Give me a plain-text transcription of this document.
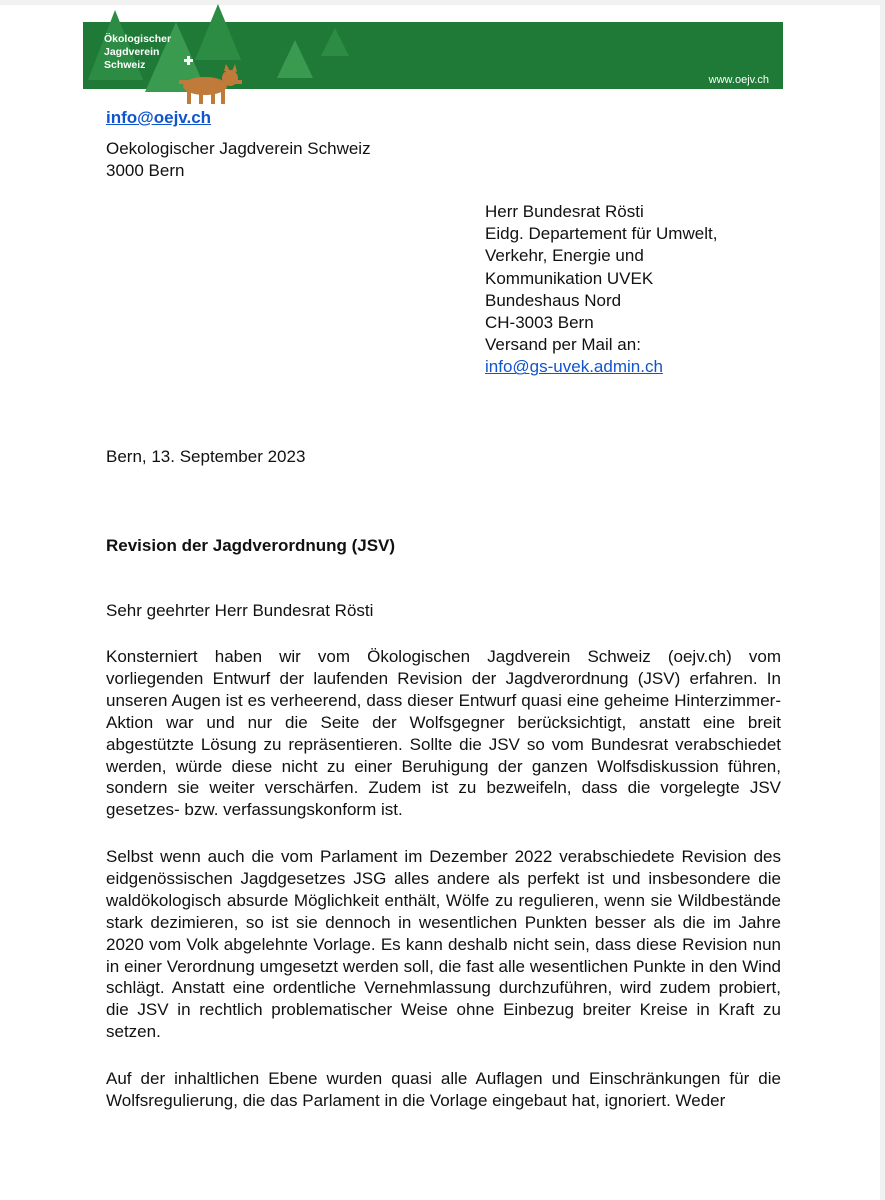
Ökologischer
Jagdverein
Schweiz
www.oejv.ch
info@oejv.ch
Oekologischer Jagdverein Schweiz
3000 Bern
Herr Bundesrat Rösti
Eidg. Departement für Umwelt,
Verkehr, Energie und
Kommunikation UVEK
Bundeshaus Nord
CH-3003 Bern
Versand per Mail an:
info@gs-uvek.admin.ch
Bern, 13. September 2023
Revision der Jagdverordnung (JSV)
Sehr geehrter Herr Bundesrat Rösti

Konsterniert haben wir vom Ökologischen Jagdverein Schweiz (oejv.ch) vom vorliegenden Entwurf der laufenden Revision der Jagdverordnung (JSV) erfahren. In unseren Augen ist es verheerend, dass dieser Entwurf quasi eine geheime Hinterzimmer-Aktion war und nur die Seite der Wolfsgegner berücksichtigt, anstatt eine breit abgestützte Lösung zu repräsentieren. Sollte die JSV so vom Bundesrat verabschiedet werden, würde diese nicht zu einer Beruhigung der ganzen Wolfsdiskussion führen, sondern sie weiter verschärfen. Zudem ist zu bezweifeln, dass die vorgelegte JSV gesetzes- bzw. verfassungskonform ist.

Selbst wenn auch die vom Parlament im Dezember 2022 verabschiedete Revision des eidgenössischen Jagdgesetzes JSG alles andere als perfekt ist und insbesondere die waldökologisch absurde Möglichkeit enthält, Wölfe zu regulieren, wenn sie Wildbestände stark dezimieren, so ist sie dennoch in wesentlichen Punkten besser als die im Jahre 2020 vom Volk abgelehnte Vorlage. Es kann deshalb nicht sein, dass diese Revision nun in einer Verordnung umgesetzt werden soll, die fast alle wesentlichen Punkte in den Wind schlägt. Anstatt eine ordentliche Vernehmlassung durchzuführen, wird zudem probiert, die JSV in rechtlich problematischer Weise ohne Einbezug breiter Kreise in Kraft zu setzen.

Auf der inhaltlichen Ebene wurden quasi alle Auflagen und Einschränkungen für die Wolfsregulierung, die das Parlament in die Vorlage eingebaut hat, ignoriert. Weder
